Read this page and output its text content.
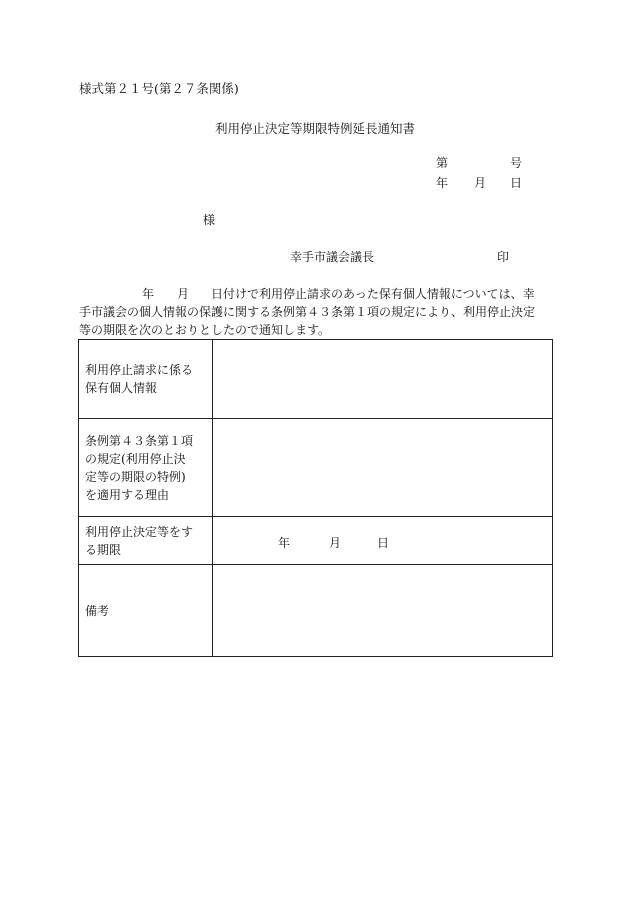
様式第２１号(第２７条関係)
利用停止決定等期限特例延長通知書
第	号
年 月 日
様
幸手市議会議長	印
年 月 日付けで利用停止請求のあった保有個人情報については、幸
手市議会の個人情報の保護に関する条例第４３条第１項の規定により、利用停止決定
等の期限を次のとおりとしたので通知します。
利用停止請求に係る
保有個人情報	
条例第４３条第１項
の規定(利用停止決
定等の期限の特例)
を適用する理由	
利用停止決定等をす
る期限	年 月 日

備考	
